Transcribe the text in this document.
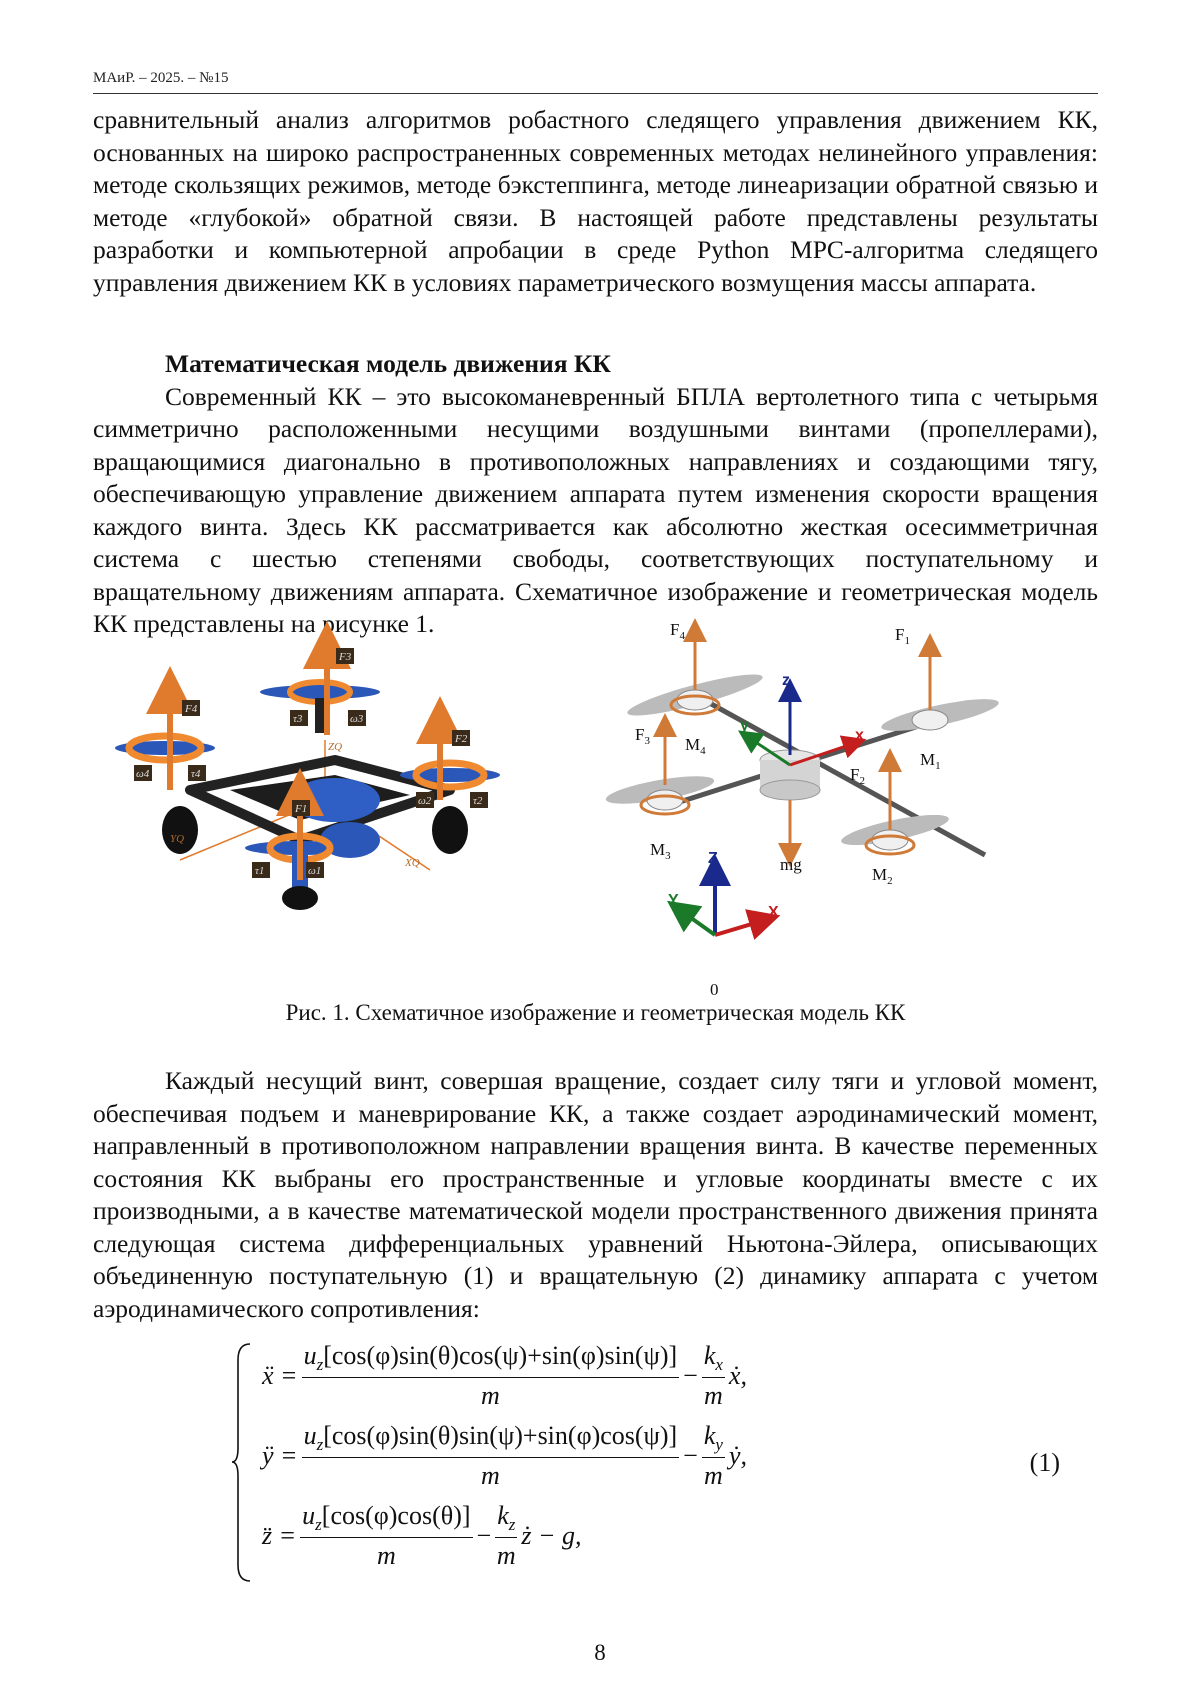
МАиР. – 2025. – №15

сравнительный анализ алгоритмов робастного следящего управления движением КК, основанных на широко распространенных современных методах нелинейного управления: методе скользящих режимов, методе бэкстеппинга, методе линеаризации обратной связью и методе «глубокой» обратной связи. В настоящей работе представлены результаты разработки и компьютерной апробации в среде Python MPC-алгоритма следящего управления движением КК в условиях параметрического возмущения массы аппарата.

Математическая модель движения КК

Современный КК – это высокоманевренный БПЛА вертолетного типа с четырьмя симметрично расположенными несущими воздушными винтами (пропеллерами), вращающимися диагонально в противоположных направлениях и создающими тягу, обеспечивающую управление движением аппарата путем изменения скорости вращения каждого винта. Здесь КК рассматривается как абсолютно жесткая осесимметричная система с шестью степенями свободы, соответствующих поступательному и вращательному движениям аппарата. Схематичное изображение и геометрическая модель КК представлены на рисунке 1.

F3
F4
F2
F1
τ3	ω3
ω4	τ4
ω2	τ2
τ1	ω1
ZQ
YQ
XQ
F4	F1
F3
F2
M4	M1
M3
M2
mg
0
z
x
y
Z
X
Y
Рис. 1. Схематичное изображение и геометрическая модель КК

Каждый несущий винт, совершая вращение, создает силу тяги и угловой момент, обеспечивая подъем и маневрирование КК, а также создает аэродинамический момент, направленный в противоположном направлении вращения винта. В качестве переменных состояния КК выбраны его пространственные и угловые координаты вместе с их производными, а в качестве математической модели пространственного движения принята следующая система дифференциальных уравнений Ньютона-Эйлера, описывающих объединенную поступательную (1) и вращательную (2) динамику аппарата с учетом аэродинамического сопротивления:

ẍ =
uz[cos(φ)sin(θ)cos(ψ)+sin(φ)sin(ψ)]
m
−
kx
m
ẋ,
ÿ =
uz[cos(φ)sin(θ)sin(ψ)+sin(φ)cos(ψ)]
m
−
ky
m
ẏ,
z̈ =
uz[cos(φ)cos(θ)]
m
−
kz
m
ż − g,
(1)
8
